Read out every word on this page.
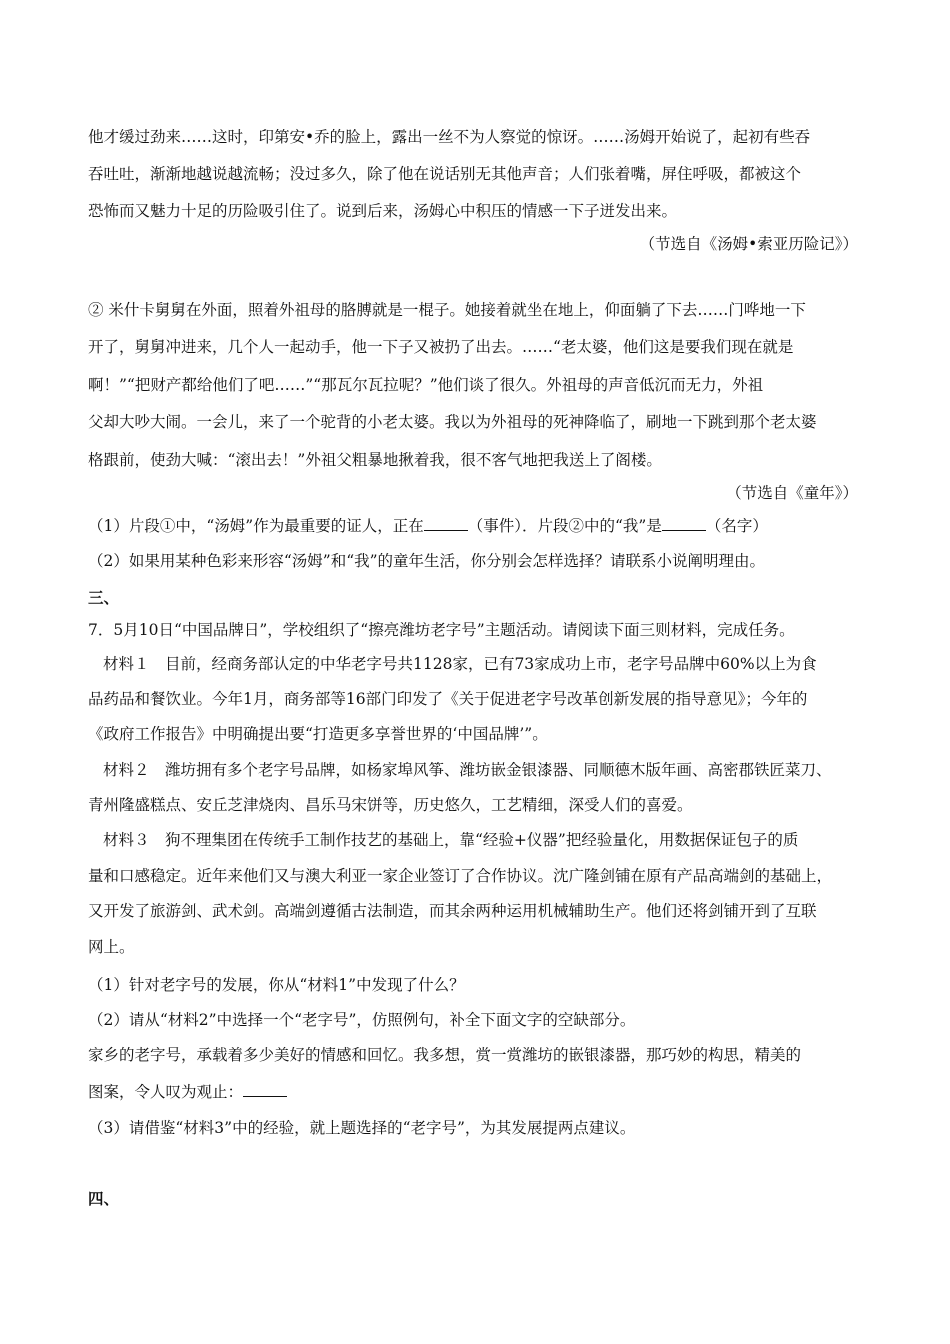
他才缓过劲来……这时，印第安•乔的脸上，露出一丝不为人察觉的惊讶。……汤姆开始说了，起初有些吞
吞吐吐，渐渐地越说越流畅；没过多久，除了他在说话别无其他声音；人们张着嘴，屏住呼吸，都被这个
恐怖而又魅力十足的历险吸引住了。说到后来，汤姆心中积压的情感一下子迸发出来。
（节选自《汤姆•索亚历险记》）
② 米什卡舅舅在外面，照着外祖母的胳膊就是一棍子。她接着就坐在地上，仰面躺了下去……门哗地一下
开了，舅舅冲进来，几个人一起动手，他一下子又被扔了出去。……“老太婆，他们这是要我们现在就是
啊！”“把财产都给他们了吧……”“那瓦尔瓦拉呢？”他们谈了很久。外祖母的声音低沉而无力，外祖
父却大吵大闹。一会儿，来了一个驼背的小老太婆。我以为外祖母的死神降临了，刷地一下跳到那个老太婆
格跟前，使劲大喊：“滚出去！”外祖父粗暴地揪着我，很不客气地把我送上了阁楼。
（节选自《童年》）
（1）片段①中，“汤姆”作为最重要的证人，正在	（事件）．片段②中的“我”是	（名字）
（2）如果用某种色彩来形容“汤姆”和“我”的童年生活，你分别会怎样选择？请联系小说阐明理由。
三、
7．5月10日“中国品牌日”，学校组织了“擦亮潍坊老字号”主题活动。请阅读下面三则材料，完成任务。
材料１　目前，经商务部认定的中华老字号共1128家，已有73家成功上市，老字号品牌中60%以上为食
品药品和餐饮业。今年1月，商务部等16部门印发了《关于促进老字号改革创新发展的指导意见》；今年的
《政府工作报告》中明确提出要“打造更多享誉世界的‘中国品牌’”。
材料２　潍坊拥有多个老字号品牌，如杨家埠风筝、潍坊嵌金银漆器、同顺德木版年画、高密郡铁匠菜刀、
青州隆盛糕点、安丘芝津烧肉、昌乐马宋饼等，历史悠久，工艺精细，深受人们的喜爱。
材料３　狗不理集团在传统手工制作技艺的基础上，靠“经验+仪器”把经验量化，用数据保证包子的质
量和口感稳定。近年来他们又与澳大利亚一家企业签订了合作协议。沈广隆剑铺在原有产品高端剑的基础上，
又开发了旅游剑、武术剑。高端剑遵循古法制造，而其余两种运用机械辅助生产。他们还将剑铺开到了互联
网上。
（1）针对老字号的发展，你从“材料1”中发现了什么？
（2）请从“材料2”中选择一个“老字号”，仿照例句，补全下面文字的空缺部分。
家乡的老字号，承载着多少美好的情感和回忆。我多想，赏一赏潍坊的嵌银漆器，那巧妙的构思，精美的
图案，令人叹为观止：
（3）请借鉴“材料3”中的经验，就上题选择的“老字号”，为其发展提两点建议。
四、
